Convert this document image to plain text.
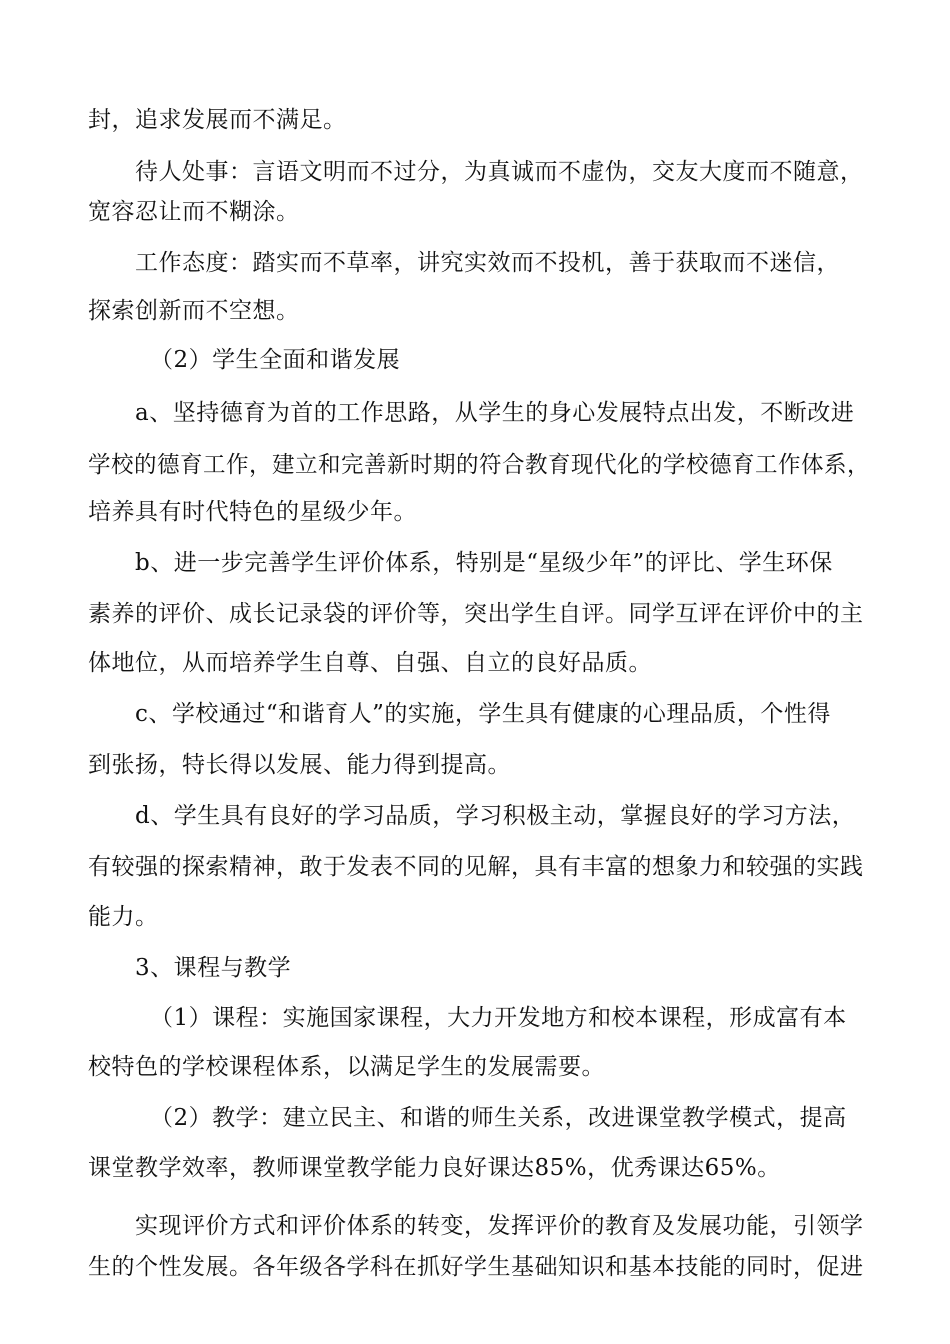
封，追求发展而不满足。
待人处事：言语文明而不过分，为真诚而不虚伪，交友大度而不随意，
宽容忍让而不糊涂。
工作态度：踏实而不草率，讲究实效而不投机，善于获取而不迷信，
探索创新而不空想。
（2）学生全面和谐发展
a、坚持德育为首的工作思路，从学生的身心发展特点出发，不断改进
学校的德育工作，建立和完善新时期的符合教育现代化的学校德育工作体系，
培养具有时代特色的星级少年。
b、进一步完善学生评价体系，特别是“星级少年”的评比、学生环保
素养的评价、成长记录袋的评价等，突出学生自评。同学互评在评价中的主
体地位，从而培养学生自尊、自强、自立的良好品质。
c、学校通过“和谐育人”的实施，学生具有健康的心理品质，个性得
到张扬，特长得以发展、能力得到提高。
d、学生具有良好的学习品质，学习积极主动，掌握良好的学习方法，
有较强的探索精神，敢于发表不同的见解，具有丰富的想象力和较强的实践
能力。
3、课程与教学
（1）课程：实施国家课程，大力开发地方和校本课程，形成富有本
校特色的学校课程体系，以满足学生的发展需要。
（2）教学：建立民主、和谐的师生关系，改进课堂教学模式，提高
课堂教学效率，教师课堂教学能力良好课达85%，优秀课达65%。
实现评价方式和评价体系的转变，发挥评价的教育及发展功能，引领学
生的个性发展。各年级各学科在抓好学生基础知识和基本技能的同时，促进
